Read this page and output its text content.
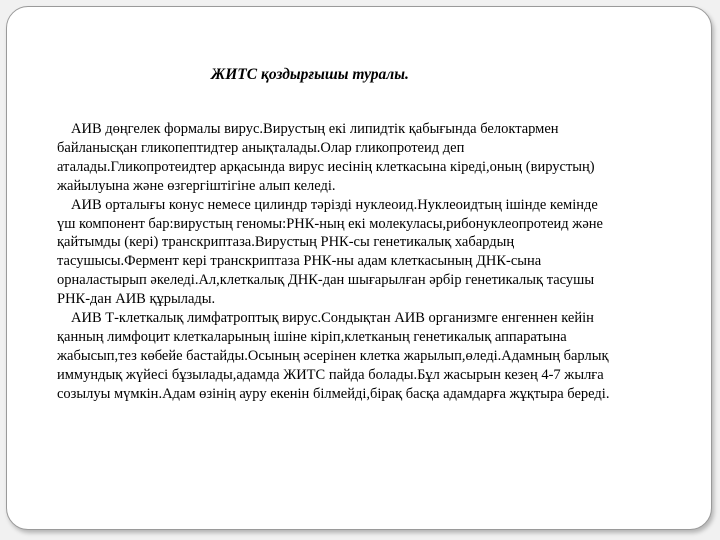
ЖИТС қоздырғышы туралы.

АИВ дөңгелек формалы вирус.Вирустың екі липидтік қабығында белоктармен
байланысқан гликопептидтер анықталады.Олар гликопротеид деп
аталады.Гликопротеидтер арқасында вирус иесінің клеткасына кіреді,оның (вирустың)
жайылуына және өзгергіштігіне алып келеді.

АИВ орталығы конус немесе цилиндр тәрізді нуклеоид.Нуклеоидтың ішінде кемінде
үш компонент бар:вирустың геномы:РНК-ның екі молекуласы,рибонуклеопротеид және
қайтымды (кері) транскриптаза.Вирустың РНК-сы генетикалық хабардың
тасушысы.Фермент кері транскриптаза РНК-ны адам клеткасының ДНК-сына
орналастырып әкеледі.Ал,клеткалық ДНК-дан шығарылған әрбір генетикалық тасушы
РНК-дан АИВ құрылады.

АИВ Т-клеткалық лимфатроптық вирус.Сондықтан АИВ организмге енгеннен кейін
қанның лимфоцит клеткаларының ішіне кіріп,клетканың генетикалық аппаратына
жабысып,тез көбейе бастайды.Осының әсерінен клетка жарылып,өледі.Адамның барлық
иммундық жүйесі бұзылады,адамда ЖИТС пайда болады.Бұл жасырын кезең 4-7 жылға
созылуы мүмкін.Адам өзінің ауру екенін білмейді,бірақ басқа адамдарға жұқтыра береді.
